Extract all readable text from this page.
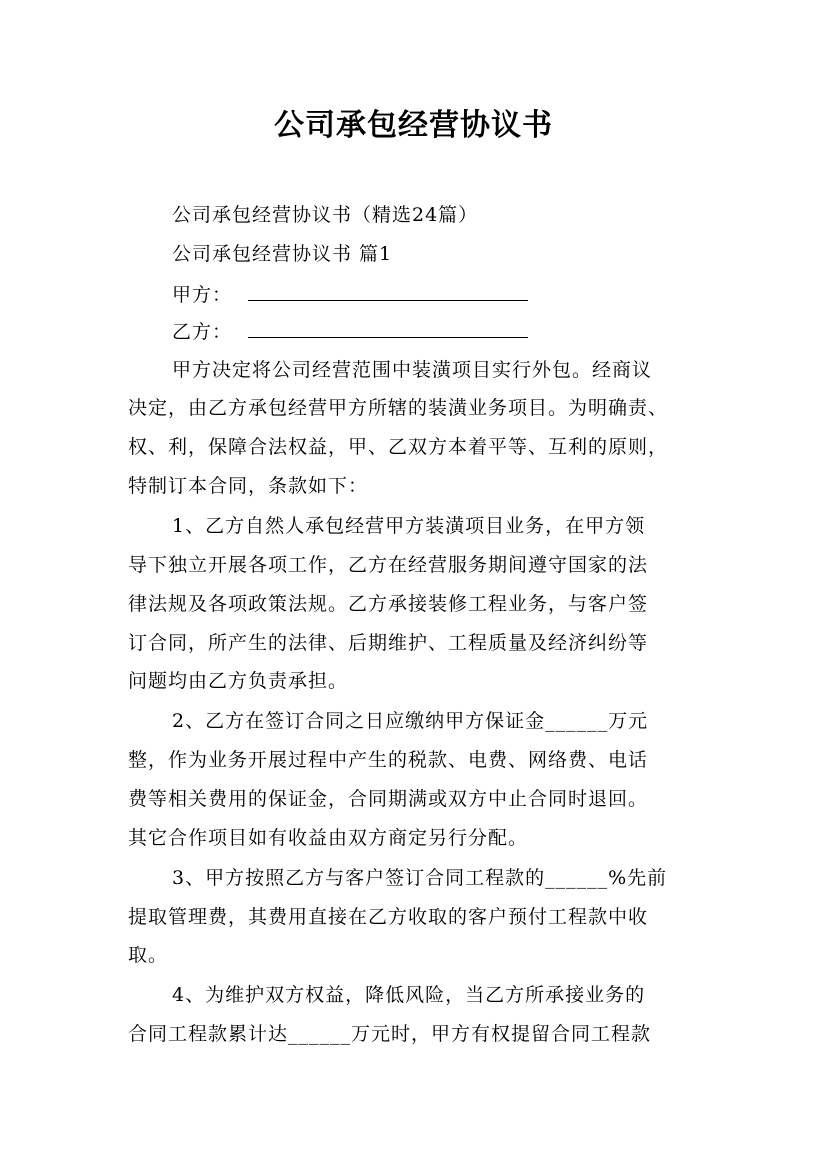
公司承包经营协议书
公司承包经营协议书（精选24篇）
公司承包经营协议书 篇1
甲方：
乙方：
甲方决定将公司经营范围中装潢项目实行外包。经商议
决定，由乙方承包经营甲方所辖的装潢业务项目。为明确责、
权、利，保障合法权益，甲、乙双方本着平等、互利的原则，
特制订本合同，条款如下：
1、乙方自然人承包经营甲方装潢项目业务，在甲方领
导下独立开展各项工作，乙方在经营服务期间遵守国家的法
律法规及各项政策法规。乙方承接装修工程业务，与客户签
订合同，所产生的法律、后期维护、工程质量及经济纠纷等
问题均由乙方负责承担。
2、乙方在签订合同之日应缴纳甲方保证金______万元
整，作为业务开展过程中产生的税款、电费、网络费、电话
费等相关费用的保证金，合同期满或双方中止合同时退回。
其它合作项目如有收益由双方商定另行分配。
3、甲方按照乙方与客户签订合同工程款的______%先前
提取管理费，其费用直接在乙方收取的客户预付工程款中收
取。
4、为维护双方权益，降低风险，当乙方所承接业务的
合同工程款累计达______万元时，甲方有权提留合同工程款
